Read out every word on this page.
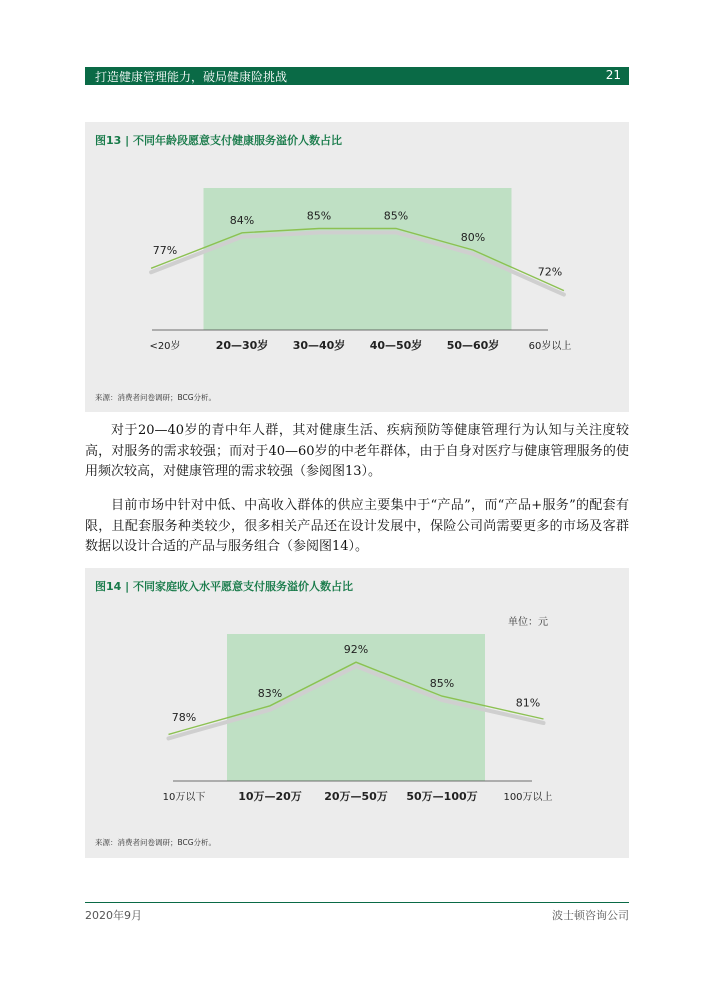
打造健康管理能力，破局健康险挑战	21
图13 | 不同年龄段愿意支付健康服务溢价人数占比
77%
<20岁
84%
20—30岁
85%
30—40岁
85%
40—50岁
80%
50—60岁
72%
60岁以上
来源：消费者问卷调研；BCG分析。

对于20—40岁的青中年人群，其对健康生活、疾病预防等健康管理行为认知与关注度较高，对服务的需求较强；而对于40—60岁的中老年群体，由于自身对医疗与健康管理服务的使用频次较高，对健康管理的需求较强（参阅图13）。

目前市场中针对中低、中高收入群体的供应主要集中于“产品”，而“产品+服务”的配套有限，且配套服务种类较少，很多相关产品还在设计发展中，保险公司尚需要更多的市场及客群数据以设计合适的产品与服务组合（参阅图14）。

图14 | 不同家庭收入水平愿意支付服务溢价人数占比
单位：元
78%
10万以下
83%
10万—20万
92%
20万—50万
85%
50万—100万
81%
100万以上
来源：消费者问卷调研；BCG分析。
2020年9月	波士顿咨询公司
